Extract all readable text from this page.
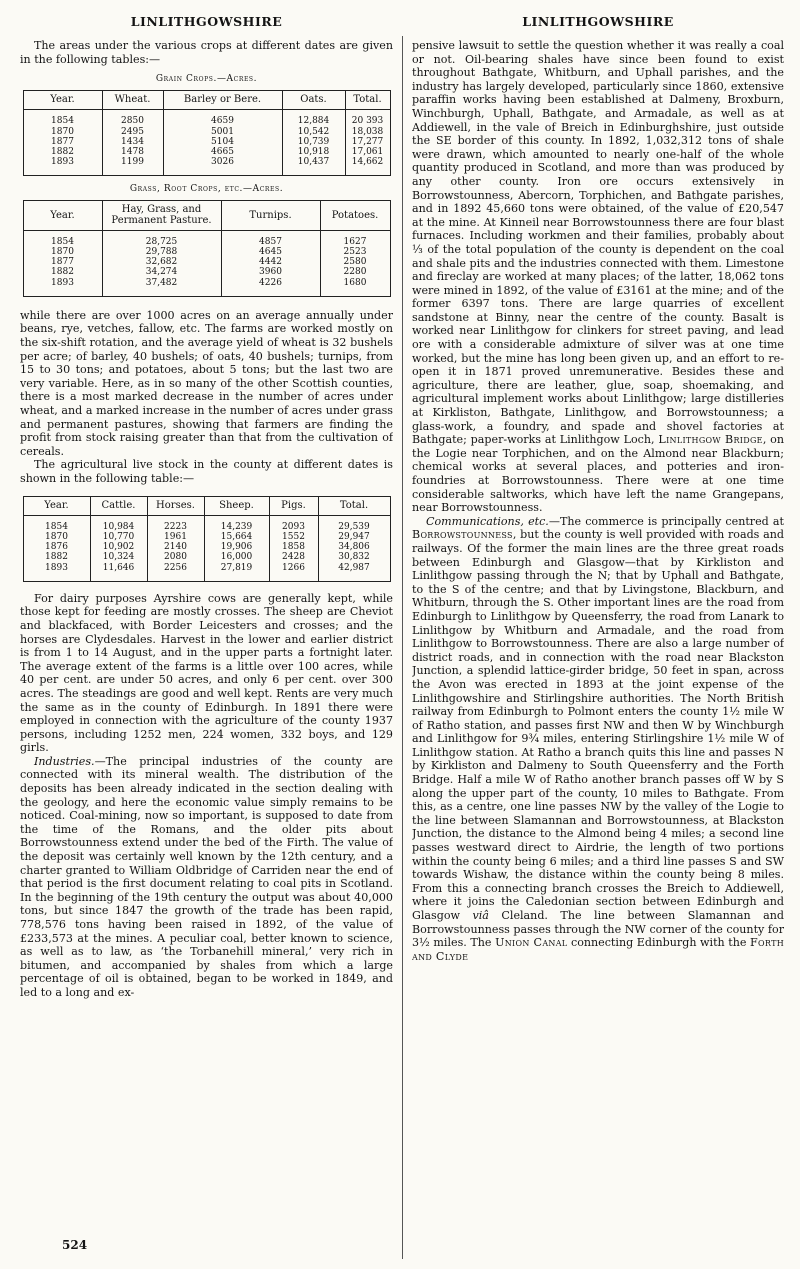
LINLITHGOWSHIRE

The areas under the various crops at different dates are given in the following tables:—

Grain Crops.—Acres.
Year.	Wheat.	Barley or Bere.	Oats.	Total.
1854	2850	4659	12,884	20 393
1870	2495	5001	10,542	18,038
1877	1434	5104	10,739	17,277
1882	1478	4665	10,918	17,061
1893	1199	3026	10,437	14,662
Grass, Root Crops, etc.—Acres.
Year.	Hay, Grass, and Permanent Pasture.	Turnips.	Potatoes.
1854	28,725	4857	1627
1870	29,788	4645	2523
1877	32,682	4442	2580
1882	34,274	3960	2280
1893	37,482	4226	1680

while there are over 1000 acres on an average annually under beans, rye, vetches, fallow, etc. The farms are worked mostly on the six-shift rotation, and the average yield of wheat is 32 bushels per acre; of barley, 40 bushels; of oats, 40 bushels; turnips, from 15 to 30 tons; and potatoes, about 5 tons; but the last two are very variable. Here, as in so many of the other Scottish counties, there is a most marked decrease in the number of acres under wheat, and a marked increase in the number of acres under grass and permanent pastures, showing that farmers are finding the profit from stock raising greater than that from the cultivation of cereals.

The agricultural live stock in the county at different dates is shown in the following table:—

Year.	Cattle.	Horses.	Sheep.	Pigs.	Total.
1854	10,984	2223	14,239	2093	29,539
1870	10,770	1961	15,664	1552	29,947
1876	10,902	2140	19,906	1858	34,806
1882	10,324	2080	16,000	2428	30,832
1893	11,646	2256	27,819	1266	42,987

For dairy purposes Ayrshire cows are generally kept, while those kept for feeding are mostly crosses. The sheep are Cheviot and blackfaced, with Border Leicesters and crosses; and the horses are Clydesdales. Harvest in the lower and earlier district is from 1 to 14 August, and in the upper parts a fortnight later. The average extent of the farms is a little over 100 acres, while 40 per cent. are under 50 acres, and only 6 per cent. over 300 acres. The steadings are good and well kept. Rents are very much the same as in the county of Edinburgh. In 1891 there were employed in connection with the agriculture of the county 1937 persons, including 1252 men, 224 women, 332 boys, and 129 girls.

Industries.—The principal industries of the county are connected with its mineral wealth. The distribution of the deposits has been already indicated in the section dealing with the geology, and here the economic value simply remains to be noticed. Coal-mining, now so important, is supposed to date from the time of the Romans, and the older pits about Borrowstounness extend under the bed of the Firth. The value of the deposit was certainly well known by the 12th century, and a charter granted to William Oldbridge of Carriden near the end of that period is the first document relating to coal pits in Scotland. In the beginning of the 19th century the output was about 40,000 tons, but since 1847 the growth of the trade has been rapid, 778,576 tons having been raised in 1892, of the value of £233,573 at the mines. A peculiar coal, better known to science, as well as to law, as ‘the Torbanehill mineral,’ very rich in bitumen, and accompanied by shales from which a large percentage of oil is obtained, began to be worked in 1849, and led to a long and ex-

LINLITHGOWSHIRE

pensive lawsuit to settle the question whether it was really a coal or not. Oil-bearing shales have since been found to exist throughout Bathgate, Whitburn, and Uphall parishes, and the industry has largely developed, particularly since 1860, extensive paraffin works having been established at Dalmeny, Broxburn, Winchburgh, Uphall, Bathgate, and Armadale, as well as at Addiewell, in the vale of Breich in Edinburghshire, just outside the SE border of this county. In 1892, 1,032,312 tons of shale were drawn, which amounted to nearly one-half of the whole quantity produced in Scotland, and more than was produced by any other county. Iron ore occurs extensively in Borrowstounness, Abercorn, Torphichen, and Bathgate parishes, and in 1892 45,660 tons were obtained, of the value of £20,547 at the mine. At Kinneil near Borrowstounness there are four blast furnaces. Including workmen and their families, probably about ⅓ of the total population of the county is dependent on the coal and shale pits and the industries connected with them. Limestone and fireclay are worked at many places; of the latter, 18,062 tons were mined in 1892, of the value of £3161 at the mine; and of the former 6397 tons. There are large quarries of excellent sandstone at Binny, near the centre of the county. Basalt is worked near Linlithgow for clinkers for street paving, and lead ore with a considerable admixture of silver was at one time worked, but the mine has long been given up, and an effort to re-open it in 1871 proved unremunerative. Besides these and agriculture, there are leather, glue, soap, shoemaking, and agricultural implement works about Linlithgow; large distilleries at Kirkliston, Bathgate, Linlithgow, and Borrowstounness; a glass-work, a foundry, and spade and shovel factories at Bathgate; paper-works at Linlithgow Loch, Linlithgow Bridge, on the Logie near Torphichen, and on the Almond near Blackburn; chemical works at several places, and potteries and iron-foundries at Borrowstounness. There were at one time considerable saltworks, which have left the name Grangepans, near Borrowstounness.

Communications, etc.—The commerce is principally centred at Borrowstounness, but the county is well provided with roads and railways. Of the former the main lines are the three great roads between Edinburgh and Glasgow—that by Kirkliston and Linlithgow passing through the N; that by Uphall and Bathgate, to the S of the centre; and that by Livingstone, Blackburn, and Whitburn, through the S. Other important lines are the road from Edinburgh to Linlithgow by Queensferry, the road from Lanark to Linlithgow by Whitburn and Armadale, and the road from Linlithgow to Borrowstounness. There are also a large number of district roads, and in connection with the road near Blackston Junction, a splendid lattice-girder bridge, 50 feet in span, across the Avon was erected in 1893 at the joint expense of the Linlithgowshire and Stirlingshire authorities. The North British railway from Edinburgh to Polmont enters the county 1½ mile W of Ratho station, and passes first NW and then W by Winchburgh and Linlithgow for 9¾ miles, entering Stirlingshire 1½ mile W of Linlithgow station. At Ratho a branch quits this line and passes N by Kirkliston and Dalmeny to South Queensferry and the Forth Bridge. Half a mile W of Ratho another branch passes off W by S along the upper part of the county, 10 miles to Bathgate. From this, as a centre, one line passes NW by the valley of the Logie to the line between Slamannan and Borrowstounness, at Blackston Junction, the distance to the Almond being 4 miles; a second line passes westward direct to Airdrie, the length of two portions within the county being 6 miles; and a third line passes S and SW towards Wishaw, the distance within the county being 8 miles. From this a connecting branch crosses the Breich to Addiewell, where it joins the Caledonian section between Edinburgh and Glasgow viâ Cleland. The line between Slamannan and Borrowstounness passes through the NW corner of the county for 3½ miles. The Union Canal connecting Edinburgh with the Forth and Clyde

524
